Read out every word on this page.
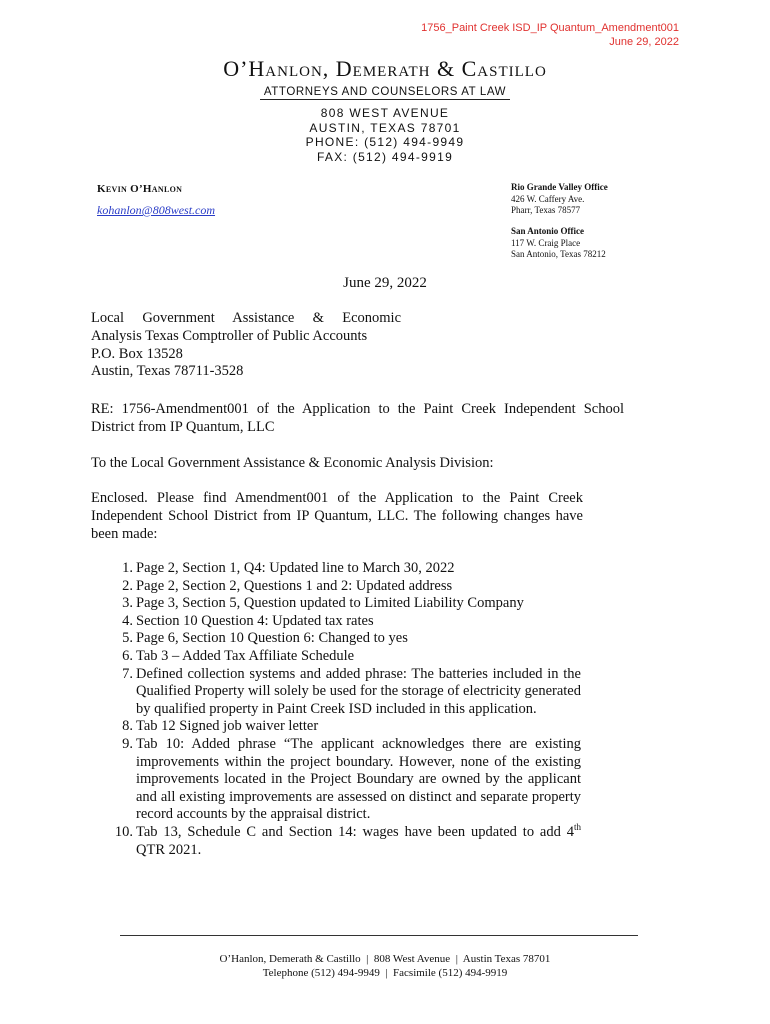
1756_Paint Creek ISD_IP Quantum_Amendment001
June 29, 2022
O’Hanlon, Demerath & Castillo
ATTORNEYS AND COUNSELORS AT LAW
808 WEST AVENUE
AUSTIN, TEXAS 78701
PHONE: (512) 494-9949
FAX: (512) 494-9919
Kevin O’Hanlon
kohanlon@808west.com
Rio Grande Valley Office
426 W. Caffery Ave.
Pharr, Texas 78577
San Antonio Office
117 W. Craig Place
San Antonio, Texas 78212
June 29, 2022
Local Government Assistance & Economic
Analysis Texas Comptroller of Public Accounts
P.O. Box 13528
Austin, Texas 78711-3528
RE: 1756-Amendment001 of the Application to the Paint Creek Independent School District from IP Quantum, LLC
To the Local Government Assistance & Economic Analysis Division:
Enclosed. Please find Amendment001 of the Application to the Paint Creek Independent School District from IP Quantum, LLC. The following changes have been made:
1. Page 2, Section 1, Q4: Updated line to March 30, 2022
2. Page 2, Section 2, Questions 1 and 2: Updated address
3. Page 3, Section 5, Question updated to Limited Liability Company
4. Section 10 Question 4: Updated tax rates
5. Page 6, Section 10 Question 6: Changed to yes
6. Tab 3 – Added Tax Affiliate Schedule
7. Defined collection systems and added phrase: The batteries included in the Qualified Property will solely be used for the storage of electricity generated by qualified property in Paint Creek ISD included in this application.
8. Tab 12 Signed job waiver letter
9. Tab 10: Added phrase “The applicant acknowledges there are existing improvements within the project boundary. However, none of the existing improvements located in the Project Boundary are owned by the applicant and all existing improvements are assessed on distinct and separate property record accounts by the appraisal district.
10. Tab 13, Schedule C and Section 14: wages have been updated to add 4th QTR 2021.
O’Hanlon, Demerath & Castillo  |  808 West Avenue  |  Austin Texas 78701
Telephone (512) 494-9949  |  Facsimile (512) 494-9919
